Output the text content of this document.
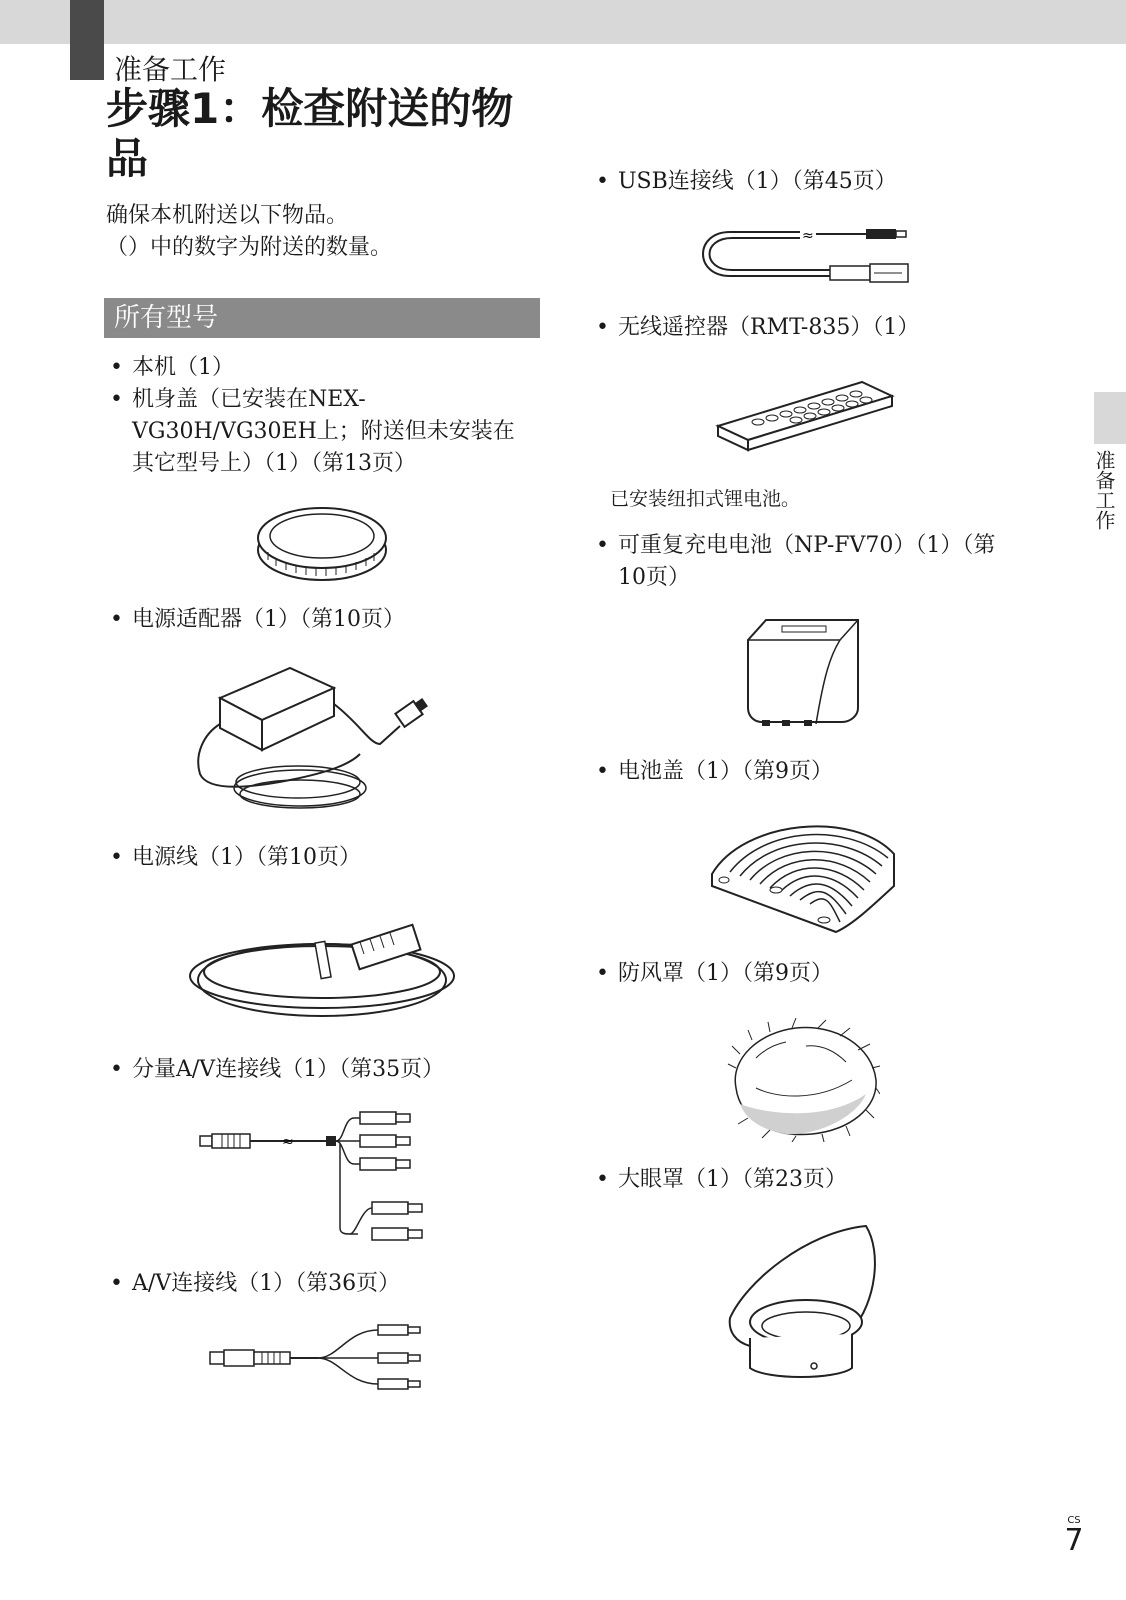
准备工作
步骤1：检查附送的物品
确保本机附送以下物品。
（）中的数字为附送的数量。
所有型号
• 本机（1）
• 机身盖（已安装在NEX-VG30H/VG30EH上；附送但未安装在其它型号上）（1）（第13页）
• 电源适配器（1）（第10页）
• 电源线（1）（第10页）
• 分量A/V连接线（1）（第35页）
≈
• A/V连接线（1）（第36页）
• USB连接线（1）（第45页）
≈
• 无线遥控器（RMT-835）（1）
已安装纽扣式锂电池。
• 可重复充电电池（NP-FV70）（1）（第10页）
• 电池盖（1）（第9页）
• 防风罩（1）（第9页）
• 大眼罩（1）（第23页）
准备工作
CS
7
